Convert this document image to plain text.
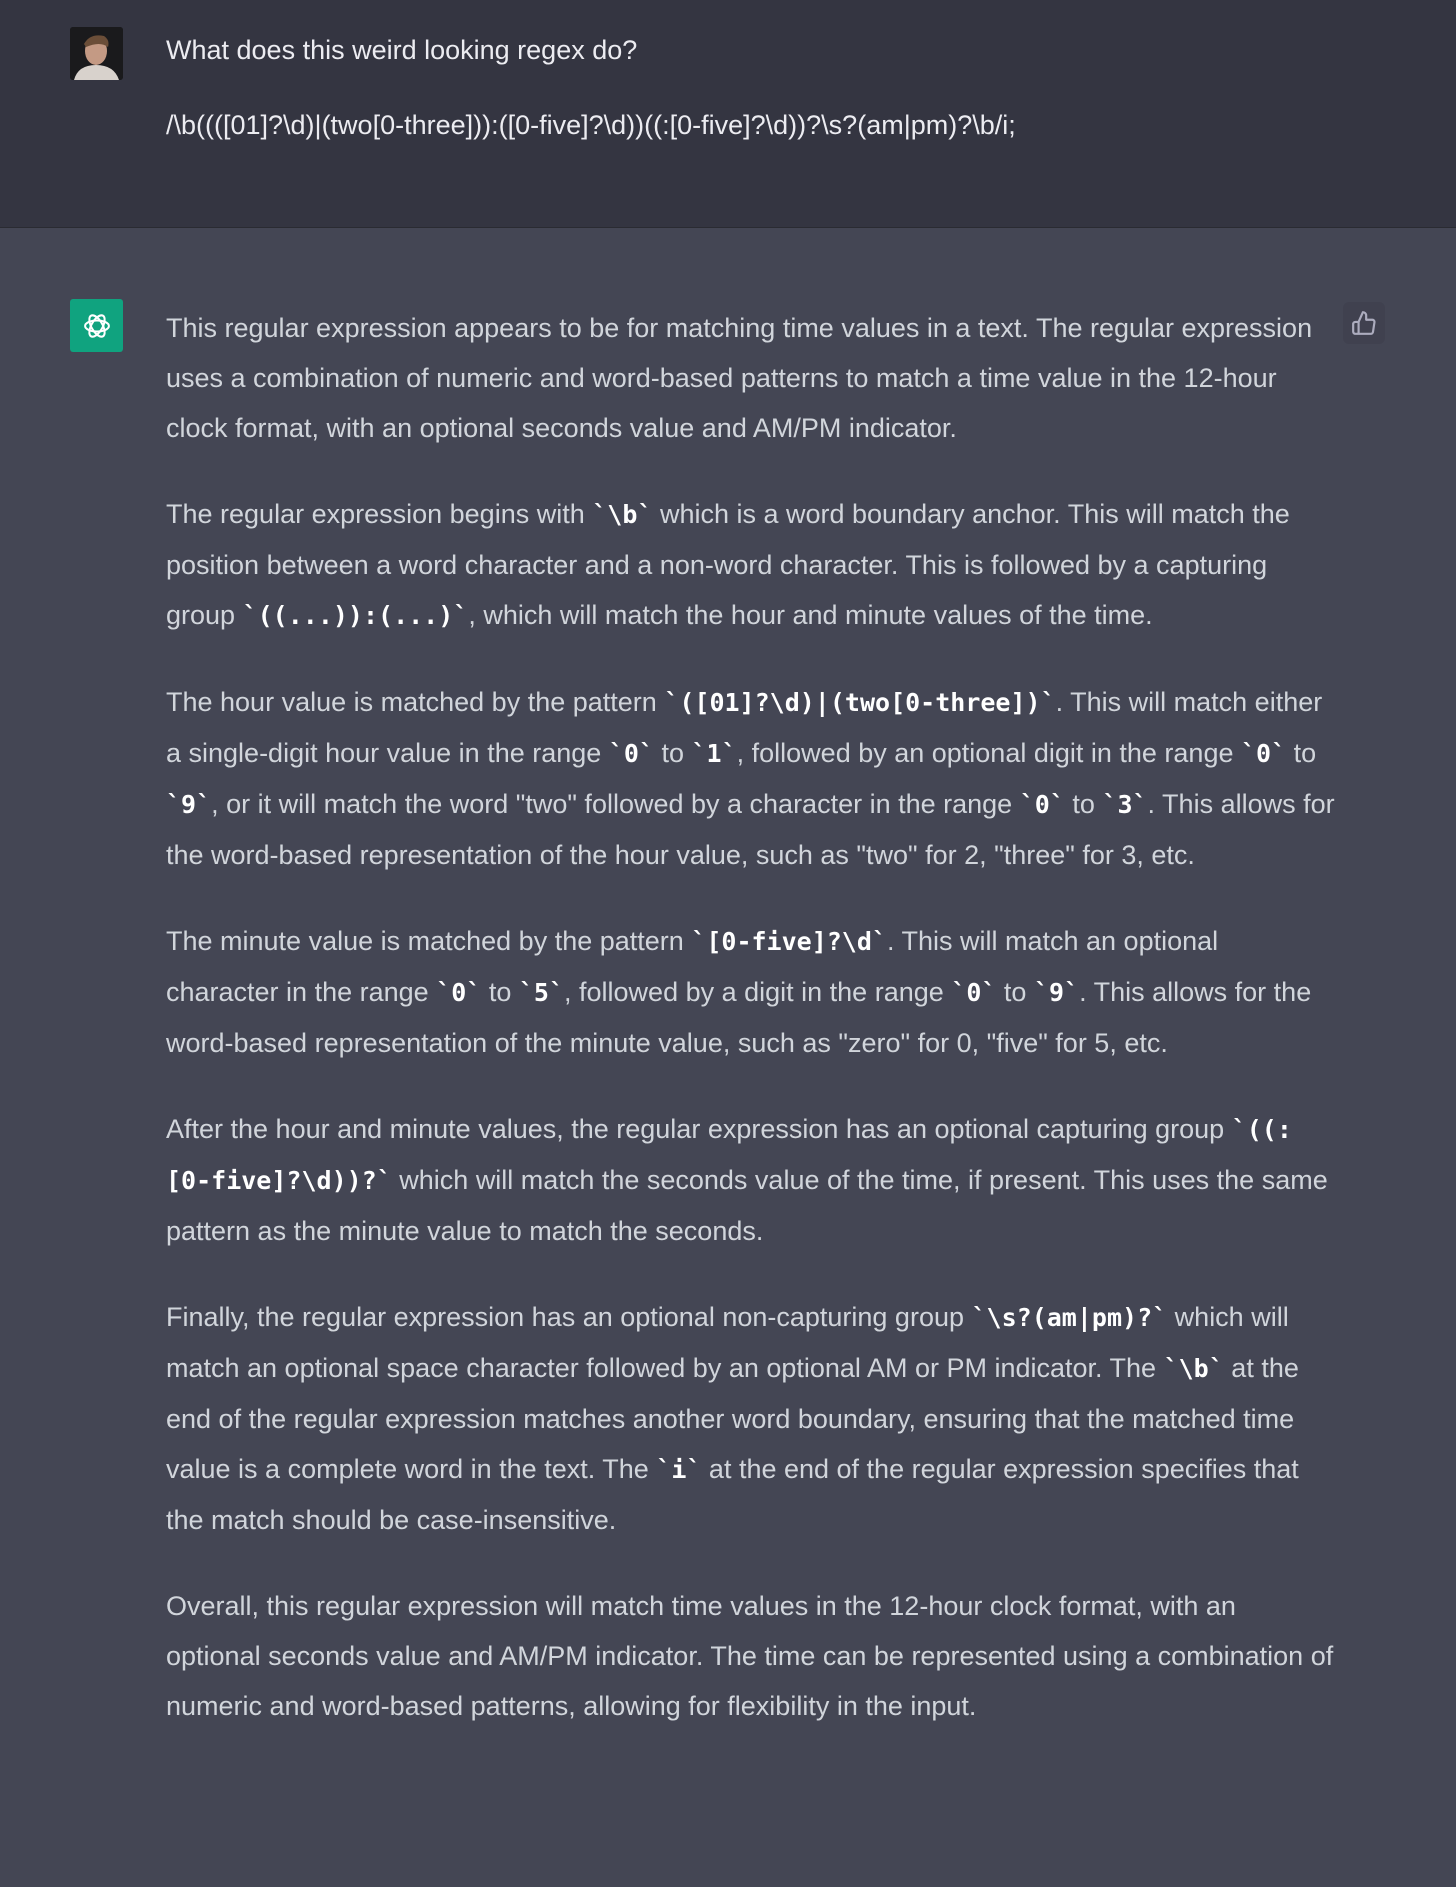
What does this weird looking regex do?

/\b((([01]?\d)|(two[0-three])):([0-five]?\d))((:[0-five]?\d))?\s?(am|pm)?\b/i;

This regular expression appears to be for matching time values in a text. The regular expression uses a combination of numeric and word-based patterns to match a time value in the 12-hour clock format, with an optional seconds value and AM/PM indicator.

The regular expression begins with `\b` which is a word boundary anchor. This will match the position between a word character and a non-word character. This is followed by a capturing group `((...)):(...)`, which will match the hour and minute values of the time.

The hour value is matched by the pattern `([01]?\d)|(two[0-three])`. This will match either a single-digit hour value in the range `0` to `1`, followed by an optional digit in the range `0` to `9`, or it will match the word "two" followed by a character in the range `0` to `3`. This allows for the word-based representation of the hour value, such as "two" for 2, "three" for 3, etc.

The minute value is matched by the pattern `[0-five]?\d`. This will match an optional character in the range `0` to `5`, followed by a digit in the range `0` to `9`. This allows for the word-based representation of the minute value, such as "zero" for 0, "five" for 5, etc.

After the hour and minute values, the regular expression has an optional capturing group `((:[0-five]?\d))?` which will match the seconds value of the time, if present. This uses the same pattern as the minute value to match the seconds.

Finally, the regular expression has an optional non-capturing group `\s?(am|pm)?` which will match an optional space character followed by an optional AM or PM indicator. The `\b` at the end of the regular expression matches another word boundary, ensuring that the matched time value is a complete word in the text. The `i` at the end of the regular expression specifies that the match should be case-insensitive.

Overall, this regular expression will match time values in the 12-hour clock format, with an optional seconds value and AM/PM indicator. The time can be represented using a combination of numeric and word-based patterns, allowing for flexibility in the input.
